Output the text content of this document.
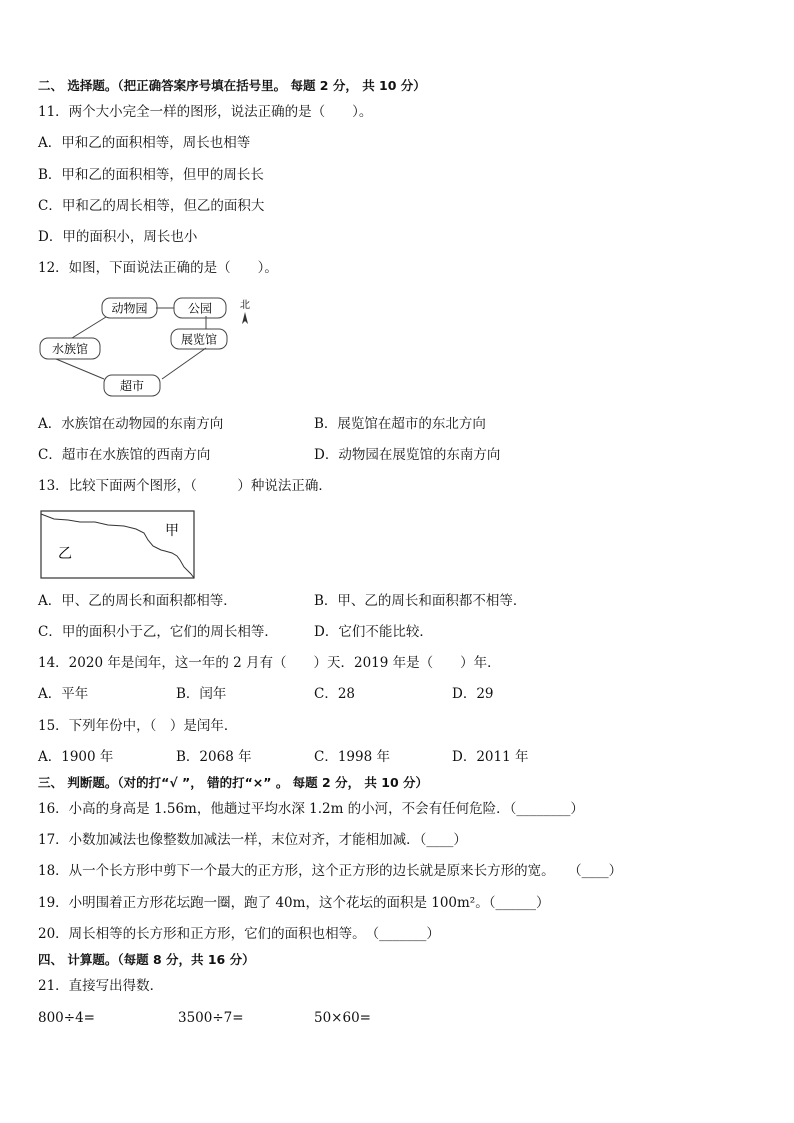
二、 选择题。（把正确答案序号填在括号里。 每题 2 分， 共 10 分）
11．两个大小完全一样的图形，说法正确的是（　　）。
A．甲和乙的面积相等，周长也相等
B．甲和乙的面积相等，但甲的周长长
C．甲和乙的周长相等，但乙的面积大
D．甲的面积小，周长也小
12．如图，下面说法正确的是（　　）。
动物园	公园
展览馆
水族馆
超市
北
A．水族馆在动物园的东南方向	B．展览馆在超市的东北方向
C．超市在水族馆的西南方向	D．动物园在展览馆的东南方向
13．比较下面两个图形，（　　　）种说法正确．
甲
乙
A．甲、乙的周长和面积都相等．	B．甲、乙的周长和面积都不相等．
C．甲的面积小于乙，它们的周长相等．	D．它们不能比较．
14．2020 年是闰年，这一年的 2 月有（　　）天．2019 年是（　　）年．
A．平年	B．闰年	C．28	D．29
15．下列年份中，（　）是闰年．
A．1900 年	B．2068 年	C．1998 年	D．2011 年
三、 判断题。（对的打“√ ”， 错的打“×” 。 每题 2 分， 共 10 分）
16．小高的身高是 1.56m，他趟过平均水深 1.2m 的小河，不会有任何危险．（________）
17．小数加减法也像整数加减法一样，末位对齐，才能相加减．（____）
18．从一个长方形中剪下一个最大的正方形，这个正方形的边长就是原来长方形的宽。　　（____）
19．小明围着正方形花坛跑一圈，跑了 40m，这个花坛的面积是 100m²。（______）
20．周长相等的长方形和正方形，它们的面积也相等。　（_______）
四、 计算题。（每题 8 分，共 16 分）
21．直接写出得数．
800÷4=	3500÷7=	50×60=
